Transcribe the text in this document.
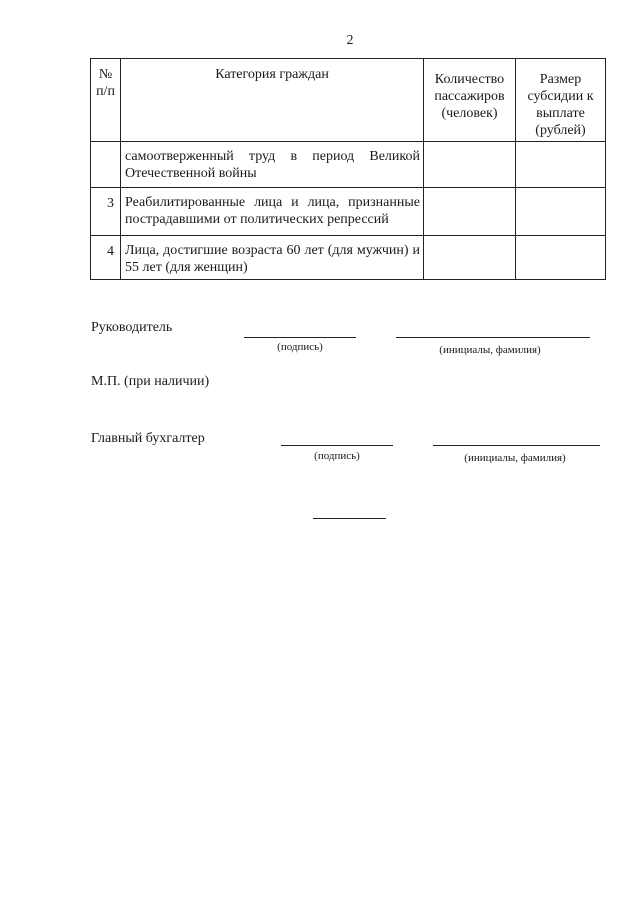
2
№ п/п	Категория граждан	Количество пассажиров (человек)	Размер субсидии к выплате (рублей)

	самоотверженный труд в период Великой Отечественной войны		

3	Реабилитированные лица и лица, признанные пострадавшими от политических репрессий		

4	Лица, достигшие возраста 60 лет (для мужчин) и 55 лет (для женщин)		

Руководитель
(подпись)	(инициалы, фамилия)
М.П. (при наличии)
Главный бухгалтер
(подпись)	(инициалы, фамилия)
